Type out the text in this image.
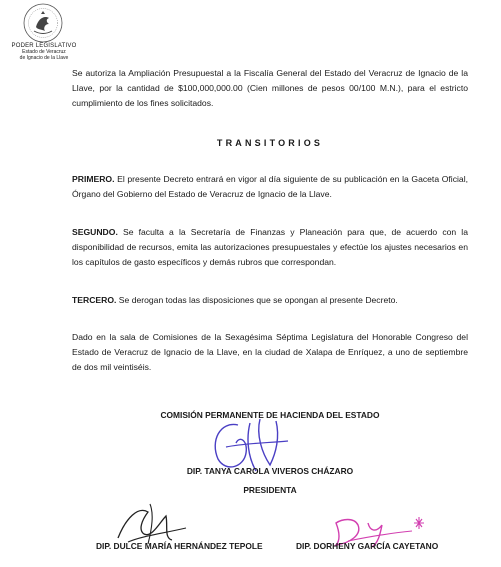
PODER LEGISLATIVO
Estado de Veracruz
de Ignacio de la Llave

Se autoriza la Ampliación Presupuestal a la Fiscalía General del Estado del Veracruz de Ignacio de la Llave, por la cantidad de $100,000,000.00 (Cien millones de pesos 00/100 M.N.), para el estricto cumplimiento de los fines solicitados.

TRANSITORIOS

PRIMERO. El presente Decreto entrará en vigor al día siguiente de su publicación en la Gaceta Oficial, Órgano del Gobierno del Estado de Veracruz de Ignacio de la Llave.

SEGUNDO. Se faculta a la Secretaría de Finanzas y Planeación para que, de acuerdo con la disponibilidad de recursos, emita las autorizaciones presupuestales y efectúe los ajustes necesarios en los capítulos de gasto específicos y demás rubros que correspondan.

TERCERO. Se derogan todas las disposiciones que se opongan al presente Decreto.

Dado en la sala de Comisiones de la Sexagésima Séptima Legislatura del Honorable Congreso del Estado de Veracruz de Ignacio de la Llave, en la ciudad de Xalapa de Enríquez, a uno de septiembre de dos mil veintiséis.

COMISIÓN PERMANENTE DE HACIENDA DEL ESTADO
DIP. TANYA CAROLA VIVEROS CHÁZARO
PRESIDENTA
DIP. DULCE MARÍA HERNÁNDEZ TEPOLE	DIP. DORHENY GARCÍA CAYETANO
